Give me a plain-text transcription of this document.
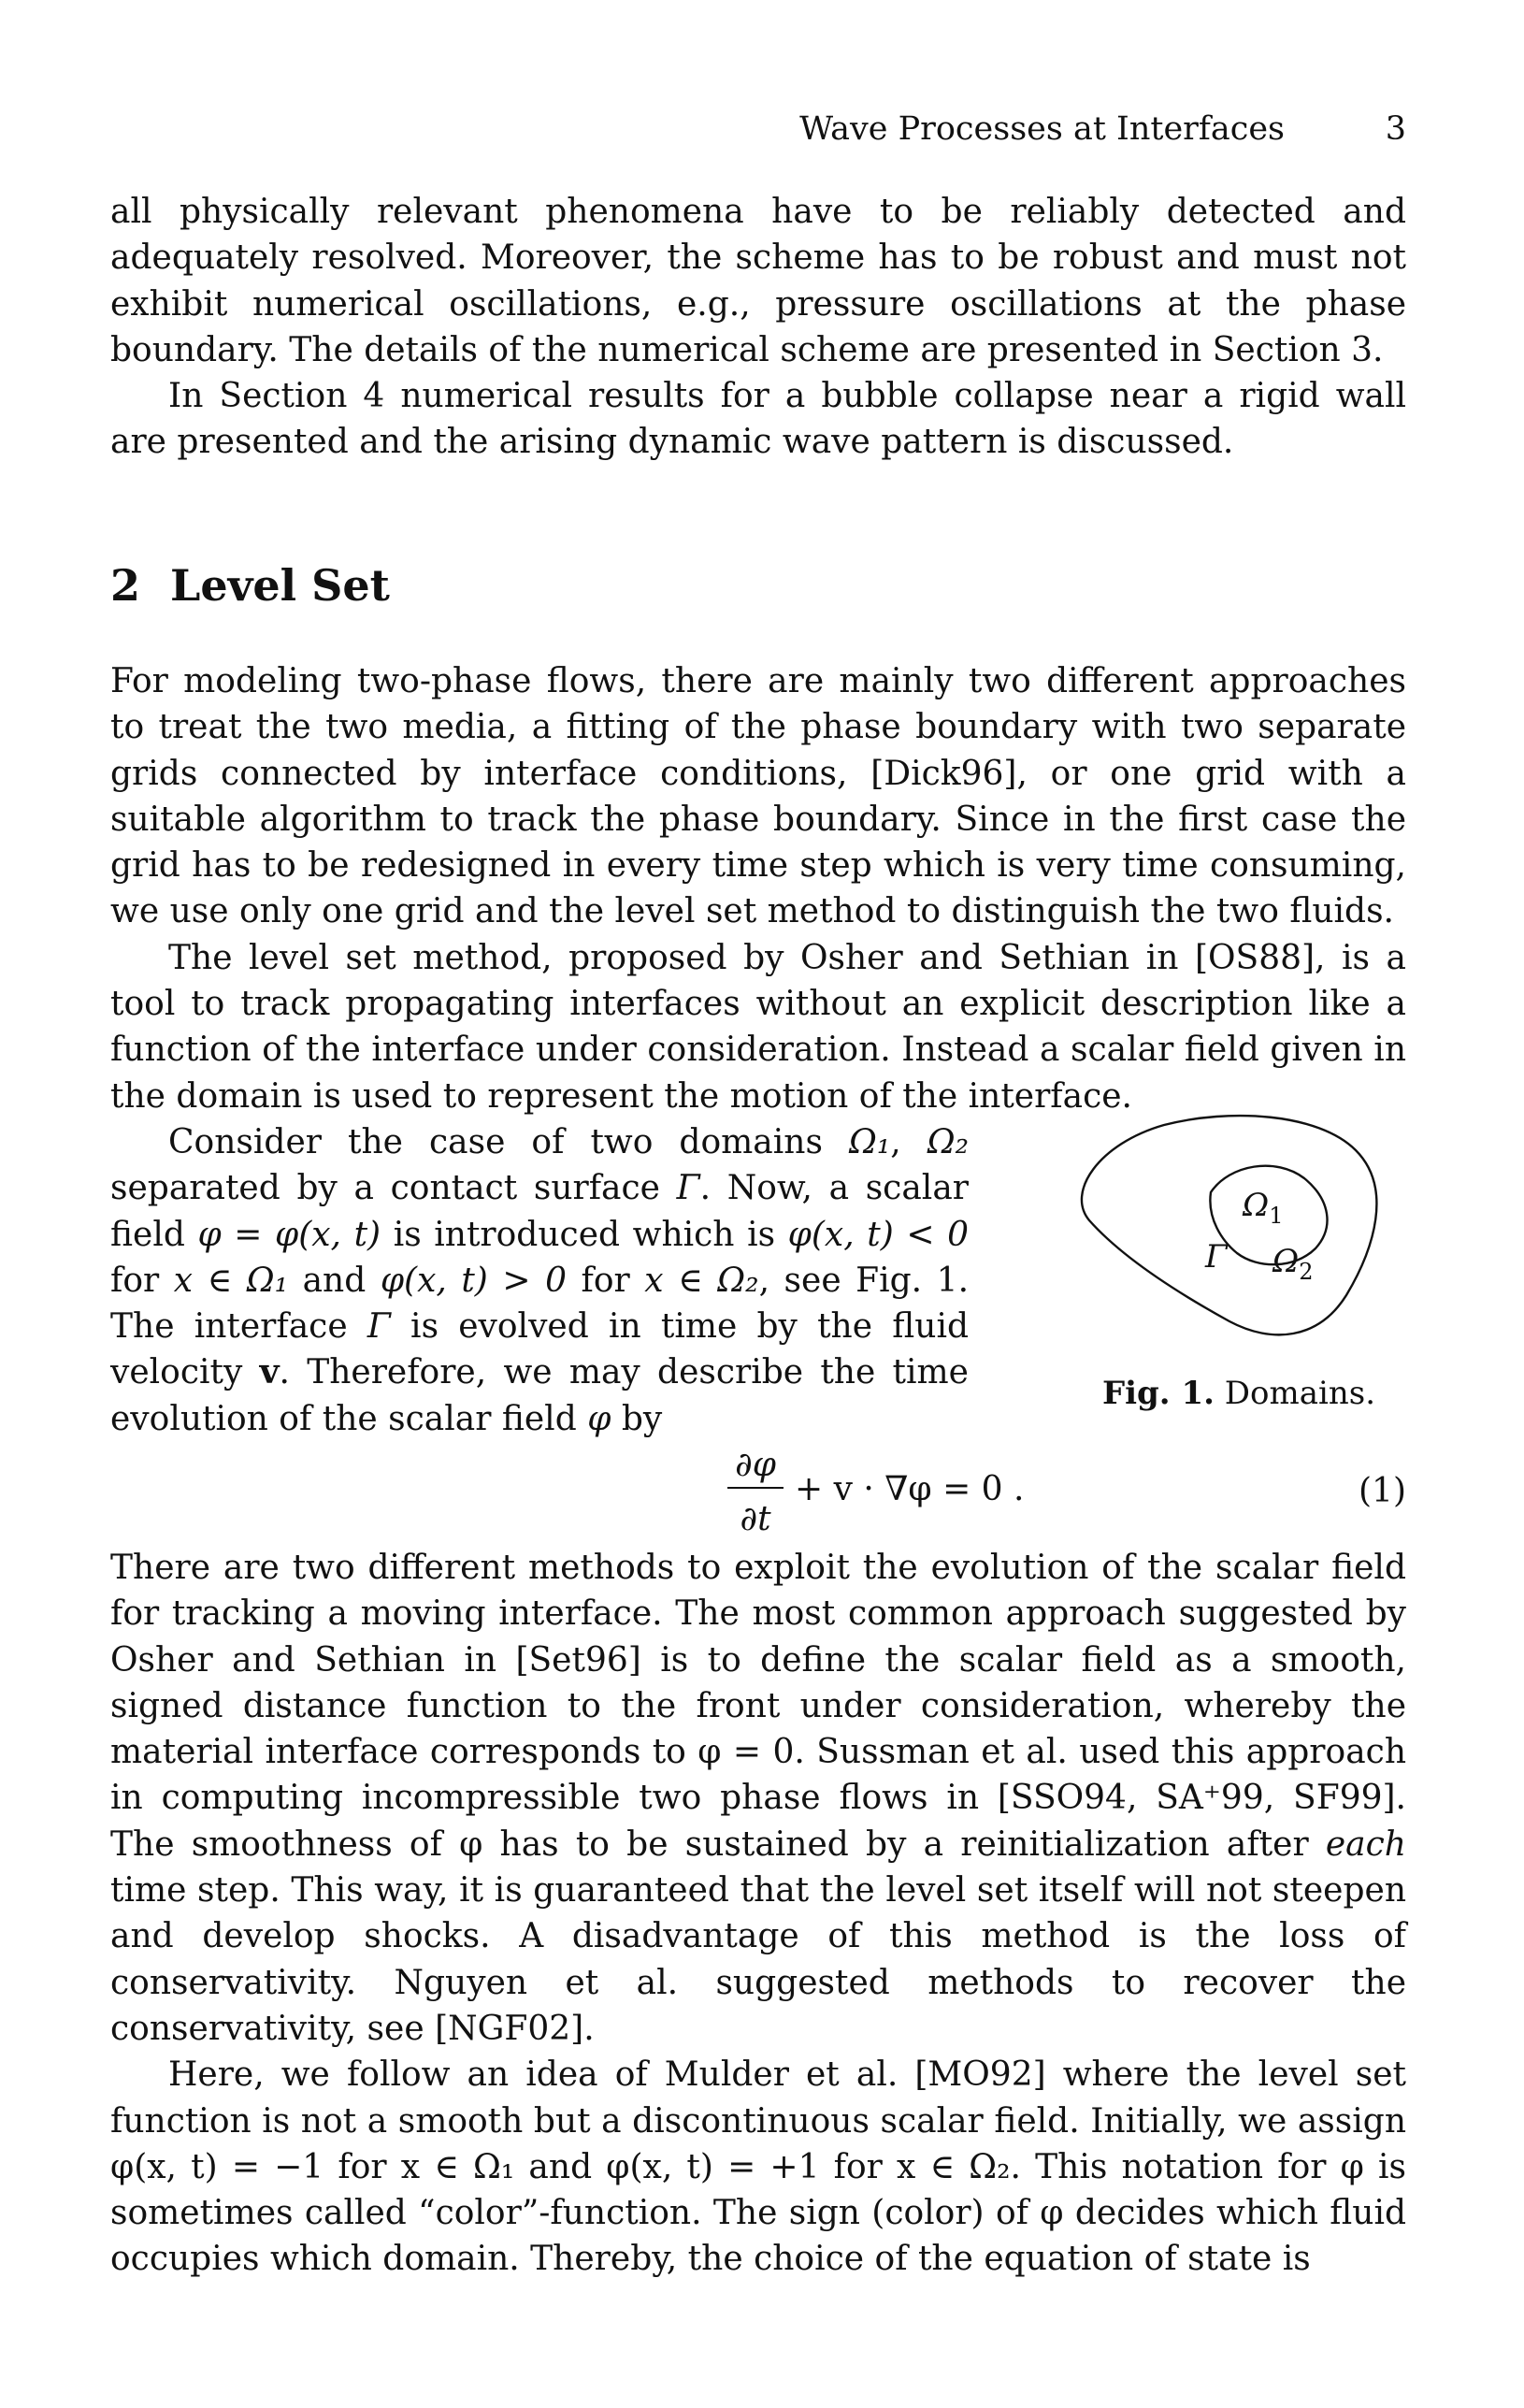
Wave Processes at Interfaces	3

all physically relevant phenomena have to be reliably detected and adequately resolved. Moreover, the scheme has to be robust and must not exhibit numerical oscillations, e.g., pressure oscillations at the phase boundary. The details of the numerical scheme are presented in Section 3.

In Section 4 numerical results for a bubble collapse near a rigid wall are presented and the arising dynamic wave pattern is discussed.

2 Level Set

For modeling two-phase flows, there are mainly two different approaches to treat the two media, a fitting of the phase boundary with two separate grids connected by interface conditions, [Dick96], or one grid with a suitable algorithm to track the phase boundary. Since in the first case the grid has to be redesigned in every time step which is very time consuming, we use only one grid and the level set method to distinguish the two fluids.

The level set method, proposed by Osher and Sethian in [OS88], is a tool to track propagating interfaces without an explicit description like a function of the interface under consideration. Instead a scalar field given in the domain is used to represent the motion of the interface.

Consider the case of two domains Ω₁, Ω₂ separated by a contact surface Γ. Now, a scalar field φ = φ(x, t) is introduced which is φ(x, t) < 0 for x ∈ Ω₁ and φ(x, t) > 0 for x ∈ Ω₂, see Fig. 1. The interface Γ is evolved in time by the fluid velocity v. Therefore, we may describe the time evolution of the scalar field φ by

$\Omega_1$
Γ $\Omega_2$
Fig. 1. Domains.
∂φ
∂t
+ v · ∇φ = 0 .	(1)

There are two different methods to exploit the evolution of the scalar field for tracking a moving interface. The most common approach suggested by Osher and Sethian in [Set96] is to define the scalar field as a smooth, signed distance function to the front under consideration, whereby the material interface corresponds to φ = 0. Sussman et al. used this approach in computing incompressible two phase flows in [SSO94, SA⁺99, SF99]. The smoothness of φ has to be sustained by a reinitialization after each time step. This way, it is guaranteed that the level set itself will not steepen and develop shocks. A disadvantage of this method is the loss of conservativity. Nguyen et al. suggested methods to recover the conservativity, see [NGF02].

Here, we follow an idea of Mulder et al. [MO92] where the level set function is not a smooth but a discontinuous scalar field. Initially, we assign φ(x, t) = −1 for x ∈ Ω₁ and φ(x, t) = +1 for x ∈ Ω₂. This notation for φ is sometimes called “color”-function. The sign (color) of φ decides which fluid occupies which domain. Thereby, the choice of the equation of state is
